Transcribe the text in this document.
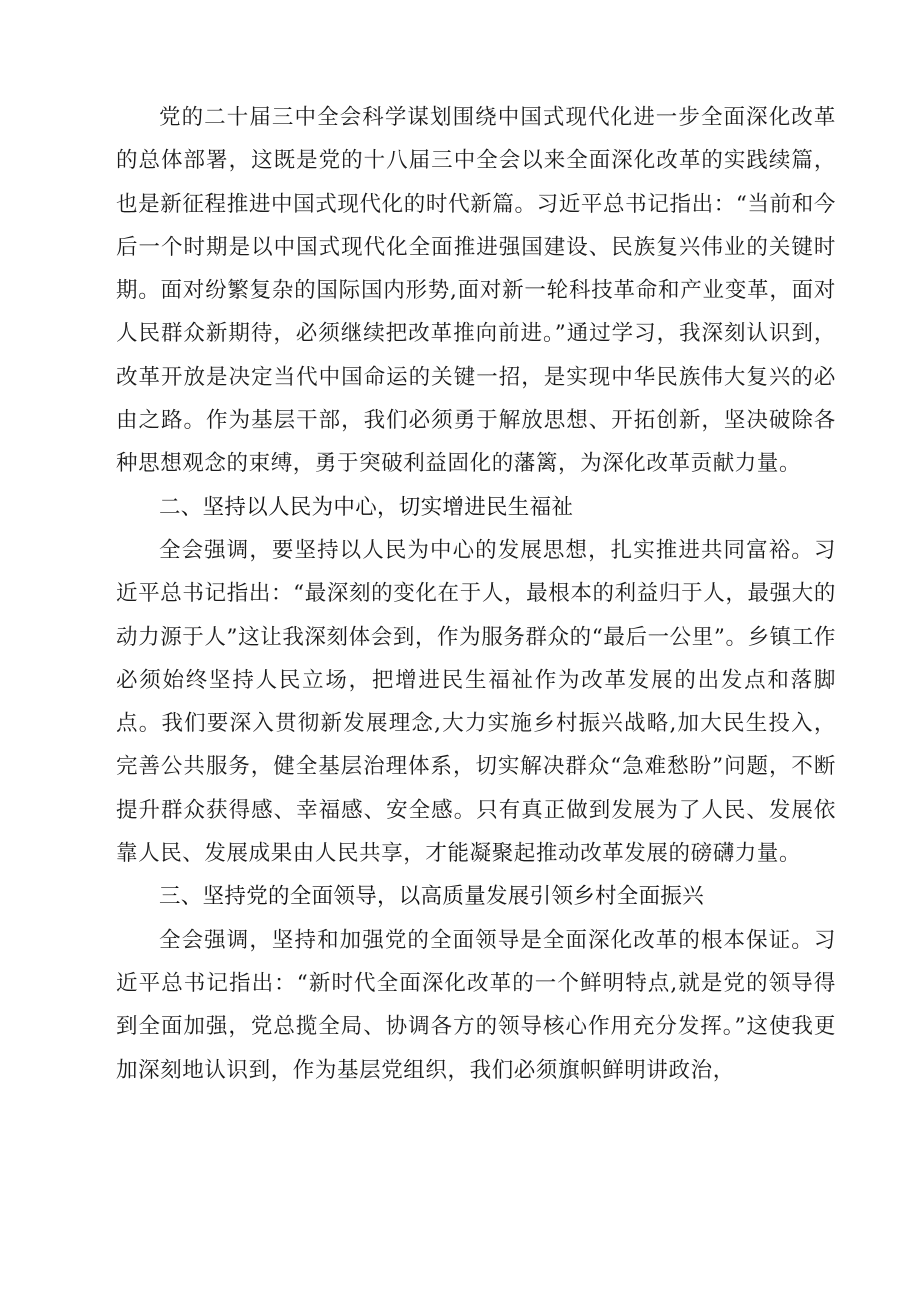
党的二十届三中全会科学谋划围绕中国式现代化进一步全面深化改革的总体部署，这既是党的十八届三中全会以来全面深化改革的实践续篇，也是新征程推进中国式现代化的时代新篇。习近平总书记指出：“当前和今后一个时期是以中国式现代化全面推进强国建设、民族复兴伟业的关键时期。面对纷繁复杂的国际国内形势,面对新一轮科技革命和产业变革，面对人民群众新期待，必须继续把改革推向前进。”通过学习，我深刻认识到，改革开放是决定当代中国命运的关键一招，是实现中华民族伟大复兴的必由之路。作为基层干部，我们必须勇于解放思想、开拓创新，坚决破除各种思想观念的束缚，勇于突破利益固化的藩篱，为深化改革贡献力量。

二、坚持以人民为中心，切实增进民生福祉

全会强调，要坚持以人民为中心的发展思想，扎实推进共同富裕。习近平总书记指出：“最深刻的变化在于人，最根本的利益归于人，最强大的动力源于人”这让我深刻体会到，作为服务群众的“最后一公里”。乡镇工作必须始终坚持人民立场，把增进民生福祉作为改革发展的出发点和落脚点。我们要深入贯彻新发展理念,大力实施乡村振兴战略,加大民生投入，完善公共服务，健全基层治理体系，切实解决群众“急难愁盼”问题，不断提升群众获得感、幸福感、安全感。只有真正做到发展为了人民、发展依靠人民、发展成果由人民共享，才能凝聚起推动改革发展的磅礴力量。

三、坚持党的全面领导，以高质量发展引领乡村全面振兴

全会强调，坚持和加强党的全面领导是全面深化改革的根本保证。习近平总书记指出：“新时代全面深化改革的一个鲜明特点,就是党的领导得到全面加强，党总揽全局、协调各方的领导核心作用充分发挥。”这使我更加深刻地认识到，作为基层党组织，我们必须旗帜鲜明讲政治，
